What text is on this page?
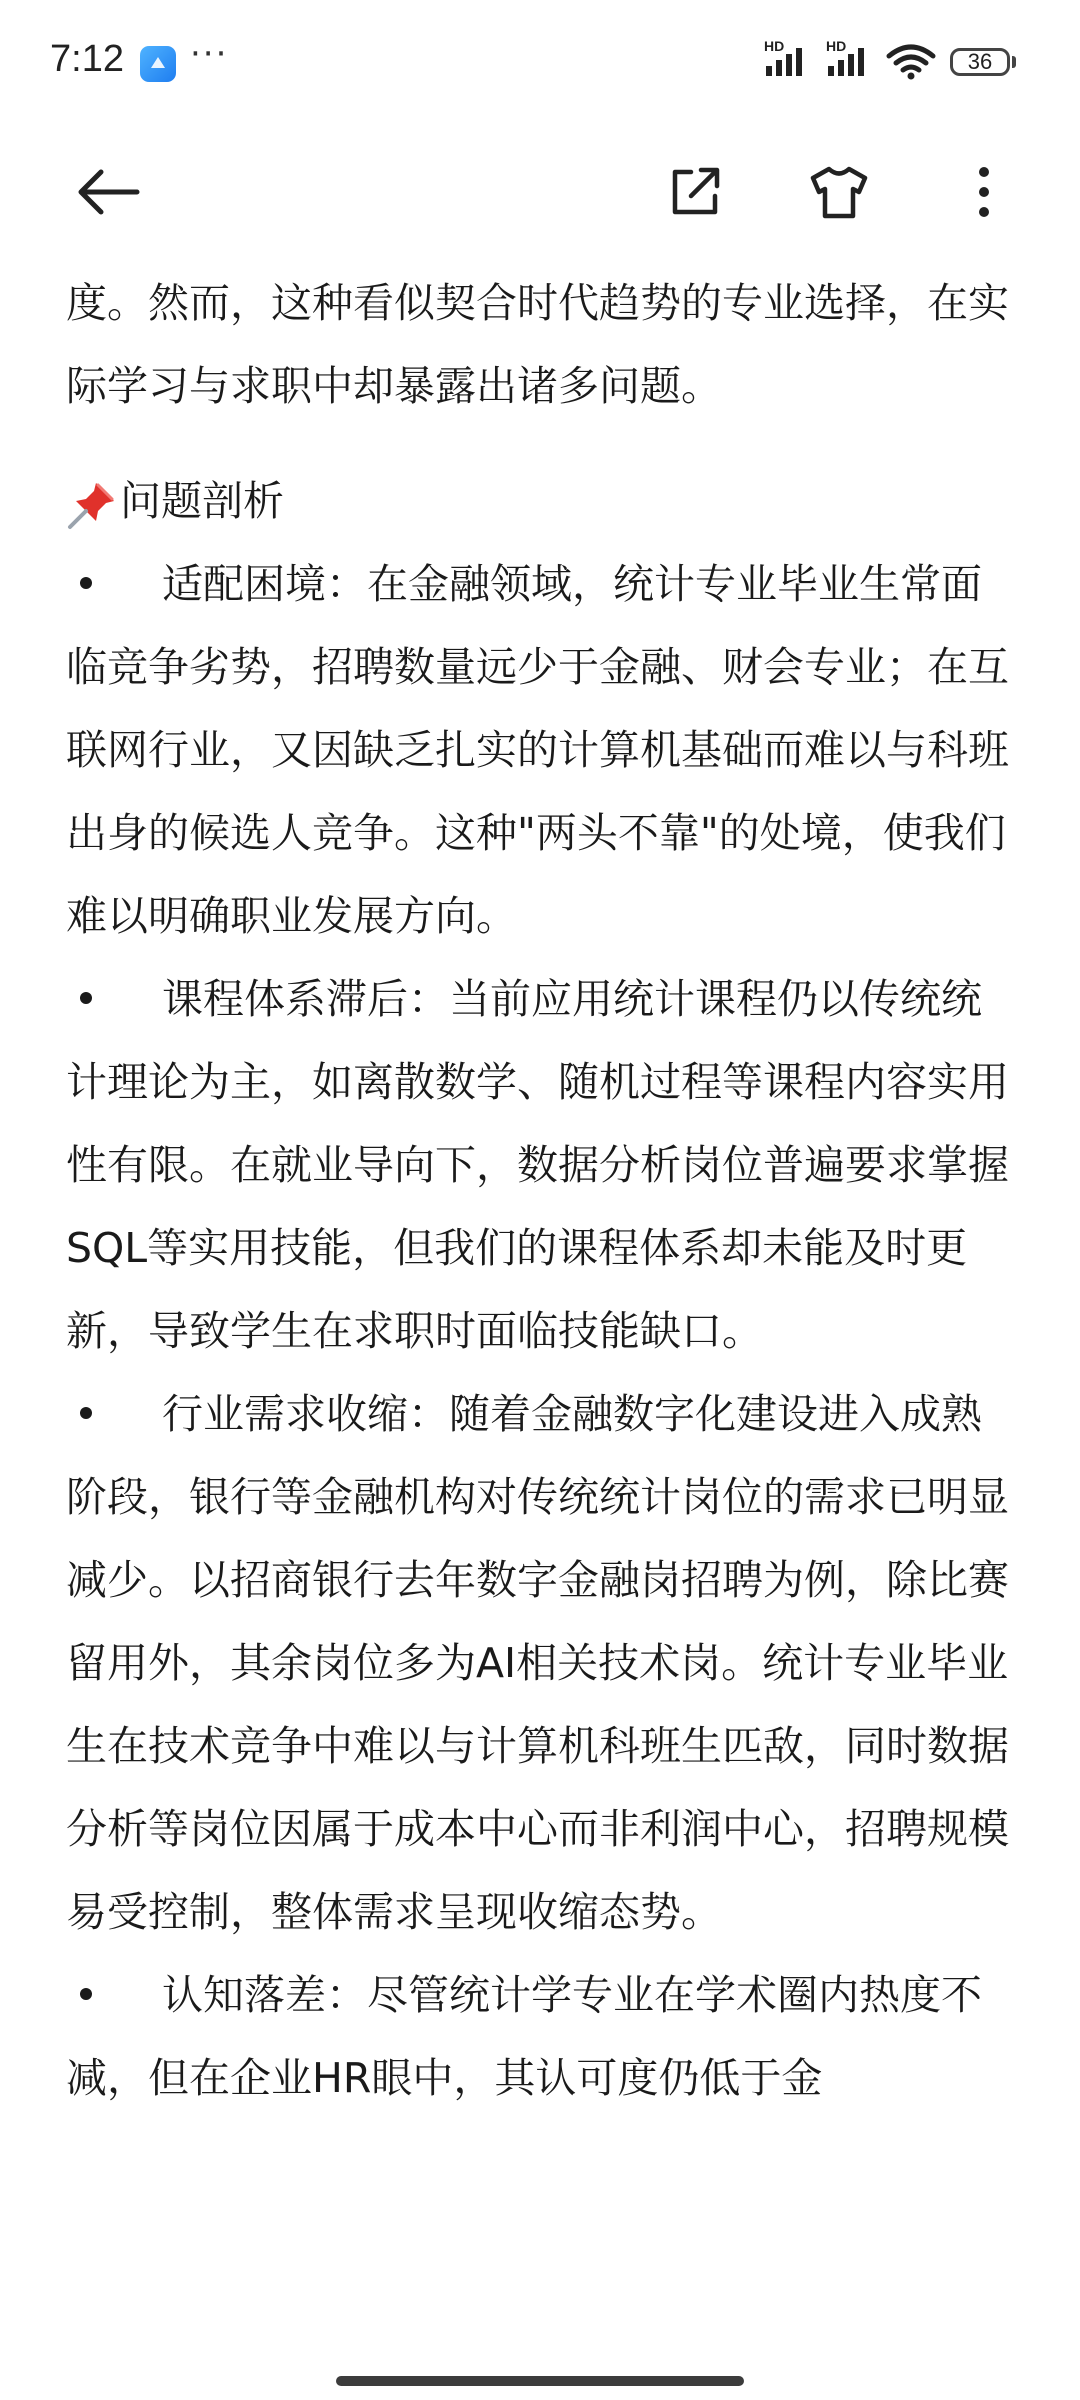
7:12 ···	HD	HD
36

度。然而，这种看似契合时代趋势的专业选择，在实际学习与求职中却暴露出诸多问题。

问题剖析

适配困境：在金融领域，统计专业毕业生常面临竞争劣势，招聘数量远少于金融、财会专业；在互联网行业，又因缺乏扎实的计算机基础而难以与科班出身的候选人竞争。这种"两头不靠"的处境，使我们难以明确职业发展方向。

课程体系滞后：当前应用统计课程仍以传统统计理论为主，如离散数学、随机过程等课程内容实用性有限。在就业导向下，数据分析岗位普遍要求掌握SQL等实用技能，但我们的课程体系却未能及时更新，导致学生在求职时面临技能缺口。

行业需求收缩：随着金融数字化建设进入成熟阶段，银行等金融机构对传统统计岗位的需求已明显减少。以招商银行去年数字金融岗招聘为例，除比赛留用外，其余岗位多为AI相关技术岗。统计专业毕业生在技术竞争中难以与计算机科班生匹敌，同时数据分析等岗位因属于成本中心而非利润中心，招聘规模易受控制，整体需求呈现收缩态势。

认知落差：尽管统计学专业在学术圈内热度不减，但在企业HR眼中，其认可度仍低于金
